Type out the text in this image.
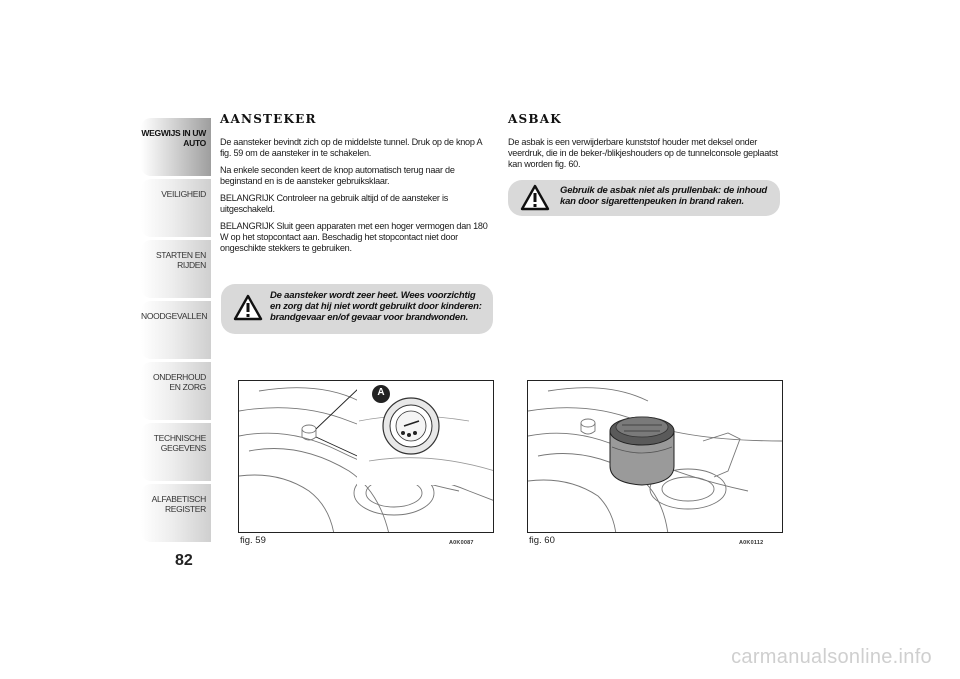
WEGWIJS IN UW AUTO
VEILIGHEID
STARTEN EN RIJDEN
NOODGEVALLEN
ONDERHOUD EN ZORG
TECHNISCHE GEGEVENS
ALFABETISCH REGISTER
82
AANSTEKER

De aansteker bevindt zich op de middelste tunnel. Druk op de knop A fig. 59 om de aansteker in te schakelen.

Na enkele seconden keert de knop automatisch terug naar de beginstand en is de aansteker gebruiksklaar.

BELANGRIJK Controleer na gebruik altijd of de aansteker is uitgeschakeld.

BELANGRIJK Sluit geen apparaten met een hoger vermogen dan 180 W op het stopcontact aan. Beschadig het stopcontact niet door ongeschikte stekkers te gebruiken.

De aansteker wordt zeer heet. Wees voorzichtig en zorg dat hij niet wordt gebruikt door kinderen: brandgevaar en/of gevaar voor brandwonden.
A
fig. 59	A0K0087
ASBAK

De asbak is een verwijderbare kunststof houder met deksel onder veerdruk, die in de beker-/blikjeshouders op de tunnelconsole geplaatst kan worden fig. 60.

Gebruik de asbak niet als prullenbak: de inhoud kan door sigarettenpeuken in brand raken.
fig. 60	A0K0112
carmanualsonline.info
